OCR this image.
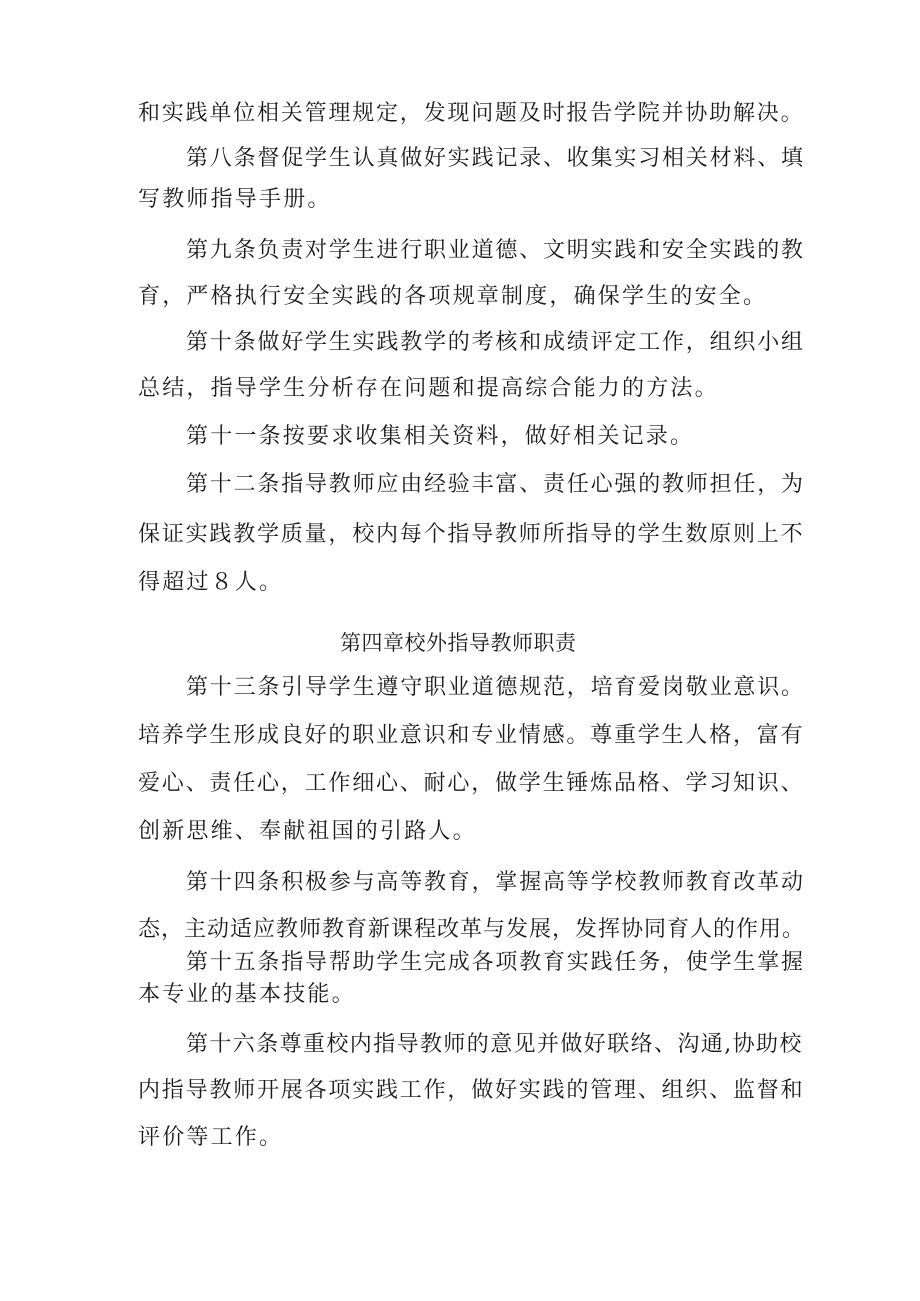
和实践单位相关管理规定，发现问题及时报告学院并协助解决。
第八条督促学生认真做好实践记录、收集实习相关材料、填
写教师指导手册。
第九条负责对学生进行职业道德、文明实践和安全实践的教
育，严格执行安全实践的各项规章制度，确保学生的安全。
第十条做好学生实践教学的考核和成绩评定工作，组织小组
总结，指导学生分析存在问题和提高综合能力的方法。
第十一条按要求收集相关资料，做好相关记录。
第十二条指导教师应由经验丰富、责任心强的教师担任，为
保证实践教学质量，校内每个指导教师所指导的学生数原则上不
得超过８人。
第四章校外指导教师职责
第十三条引导学生遵守职业道德规范，培育爱岗敬业意识。
培养学生形成良好的职业意识和专业情感。尊重学生人格，富有
爱心、责任心，工作细心、耐心，做学生锤炼品格、学习知识、
创新思维、奉献祖国的引路人。
第十四条积极参与高等教育，掌握高等学校教师教育改革动
态，主动适应教师教育新课程改革与发展，发挥协同育人的作用。
第十五条指导帮助学生完成各项教育实践任务，使学生掌握
本专业的基本技能。
第十六条尊重校内指导教师的意见并做好联络、沟通,协助校
内指导教师开展各项实践工作，做好实践的管理、组织、监督和
评价等工作。
